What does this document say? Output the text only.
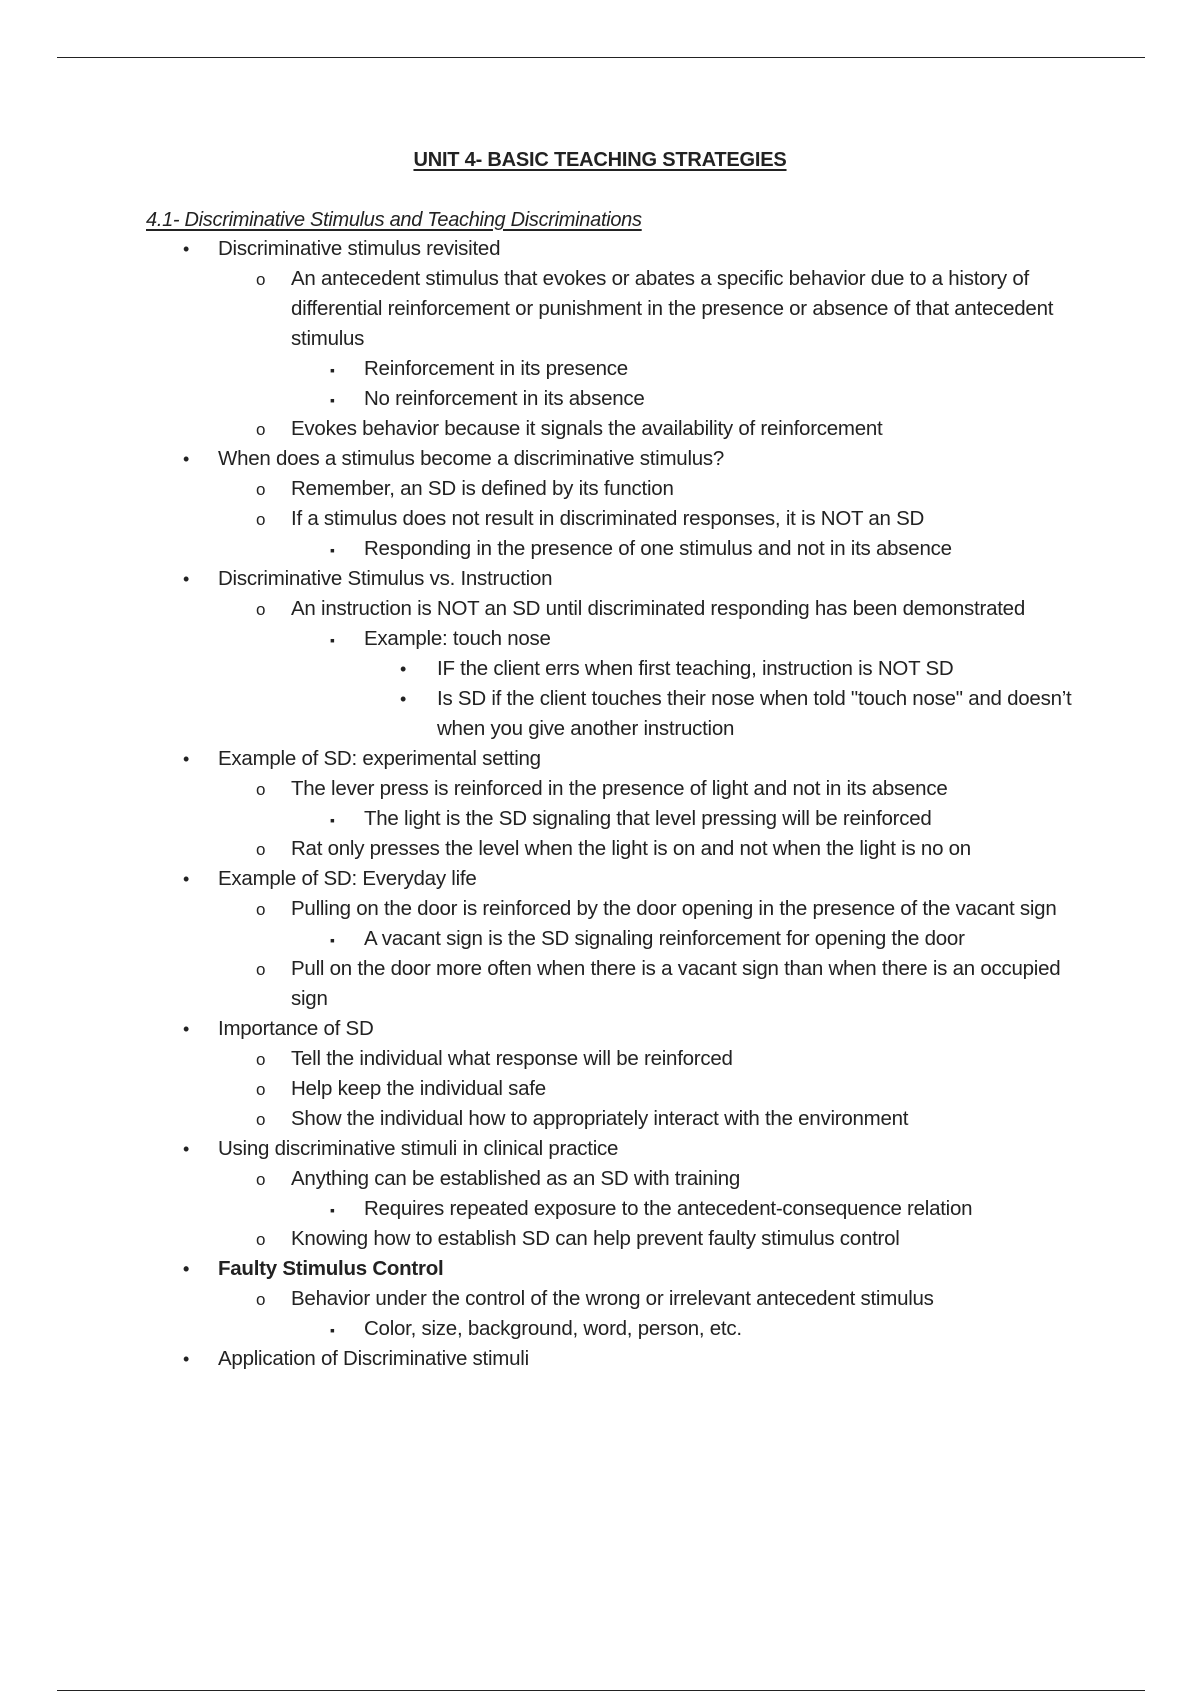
UNIT 4- BASIC TEACHING STRATEGIES
4.1- Discriminative Stimulus and Teaching Discriminations
• Discriminative stimulus revisited
o An antecedent stimulus that evokes or abates a specific behavior due to a history of differential reinforcement or punishment in the presence or absence of that antecedent stimulus
▪ Reinforcement in its presence
▪ No reinforcement in its absence
o Evokes behavior because it signals the availability of reinforcement
• When does a stimulus become a discriminative stimulus?
o Remember, an SD is defined by its function
o If a stimulus does not result in discriminated responses, it is NOT an SD
▪ Responding in the presence of one stimulus and not in its absence
• Discriminative Stimulus vs. Instruction
o An instruction is NOT an SD until discriminated responding has been demonstrated
▪ Example: touch nose
• IF the client errs when first teaching, instruction is NOT SD
• Is SD if the client touches their nose when told "touch nose" and doesn’t when you give another instruction
• Example of SD: experimental setting
o The lever press is reinforced in the presence of light and not in its absence
▪ The light is the SD signaling that level pressing will be reinforced
o Rat only presses the level when the light is on and not when the light is no on
• Example of SD: Everyday life
o Pulling on the door is reinforced by the door opening in the presence of the vacant sign
▪ A vacant sign is the SD signaling reinforcement for opening the door
o Pull on the door more often when there is a vacant sign than when there is an occupied sign
• Importance of SD
o Tell the individual what response will be reinforced
o Help keep the individual safe
o Show the individual how to appropriately interact with the environment
• Using discriminative stimuli in clinical practice
o Anything can be established as an SD with training
▪ Requires repeated exposure to the antecedent-consequence relation
o Knowing how to establish SD can help prevent faulty stimulus control
• Faulty Stimulus Control
o Behavior under the control of the wrong or irrelevant antecedent stimulus
▪ Color, size, background, word, person, etc.
• Application of Discriminative stimuli
